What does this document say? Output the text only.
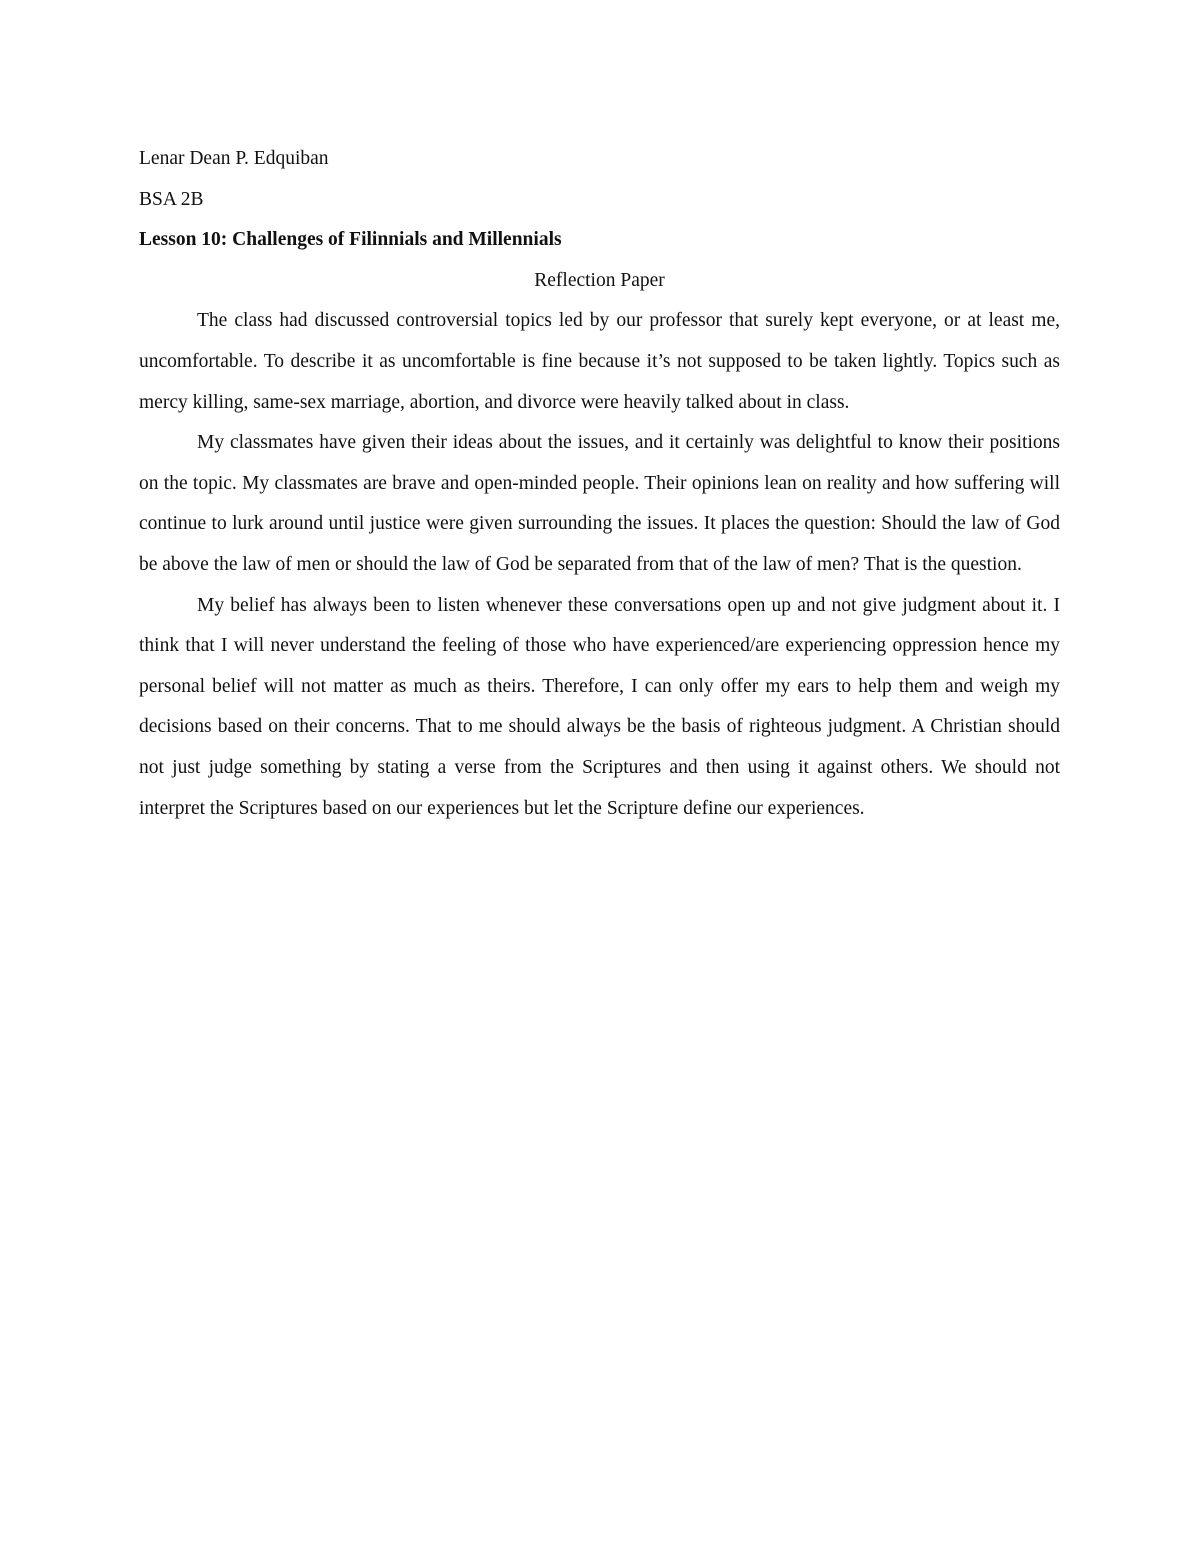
Lenar Dean P. Edquiban

BSA 2B

Lesson 10: Challenges of Filinnials and Millennials

Reflection Paper

The class had discussed controversial topics led by our professor that surely kept everyone, or at least me, uncomfortable. To describe it as uncomfortable is fine because it’s not supposed to be taken lightly. Topics such as mercy killing, same-sex marriage, abortion, and divorce were heavily talked about in class.

My classmates have given their ideas about the issues, and it certainly was delightful to know their positions on the topic. My classmates are brave and open-minded people. Their opinions lean on reality and how suffering will continue to lurk around until justice were given surrounding the issues. It places the question: Should the law of God be above the law of men or should the law of God be separated from that of the law of men? That is the question.

My belief has always been to listen whenever these conversations open up and not give judgment about it. I think that I will never understand the feeling of those who have experienced/are experiencing oppression hence my personal belief will not matter as much as theirs. Therefore, I can only offer my ears to help them and weigh my decisions based on their concerns. That to me should always be the basis of righteous judgment. A Christian should not just judge something by stating a verse from the Scriptures and then using it against others. We should not interpret the Scriptures based on our experiences but let the Scripture define our experiences.
